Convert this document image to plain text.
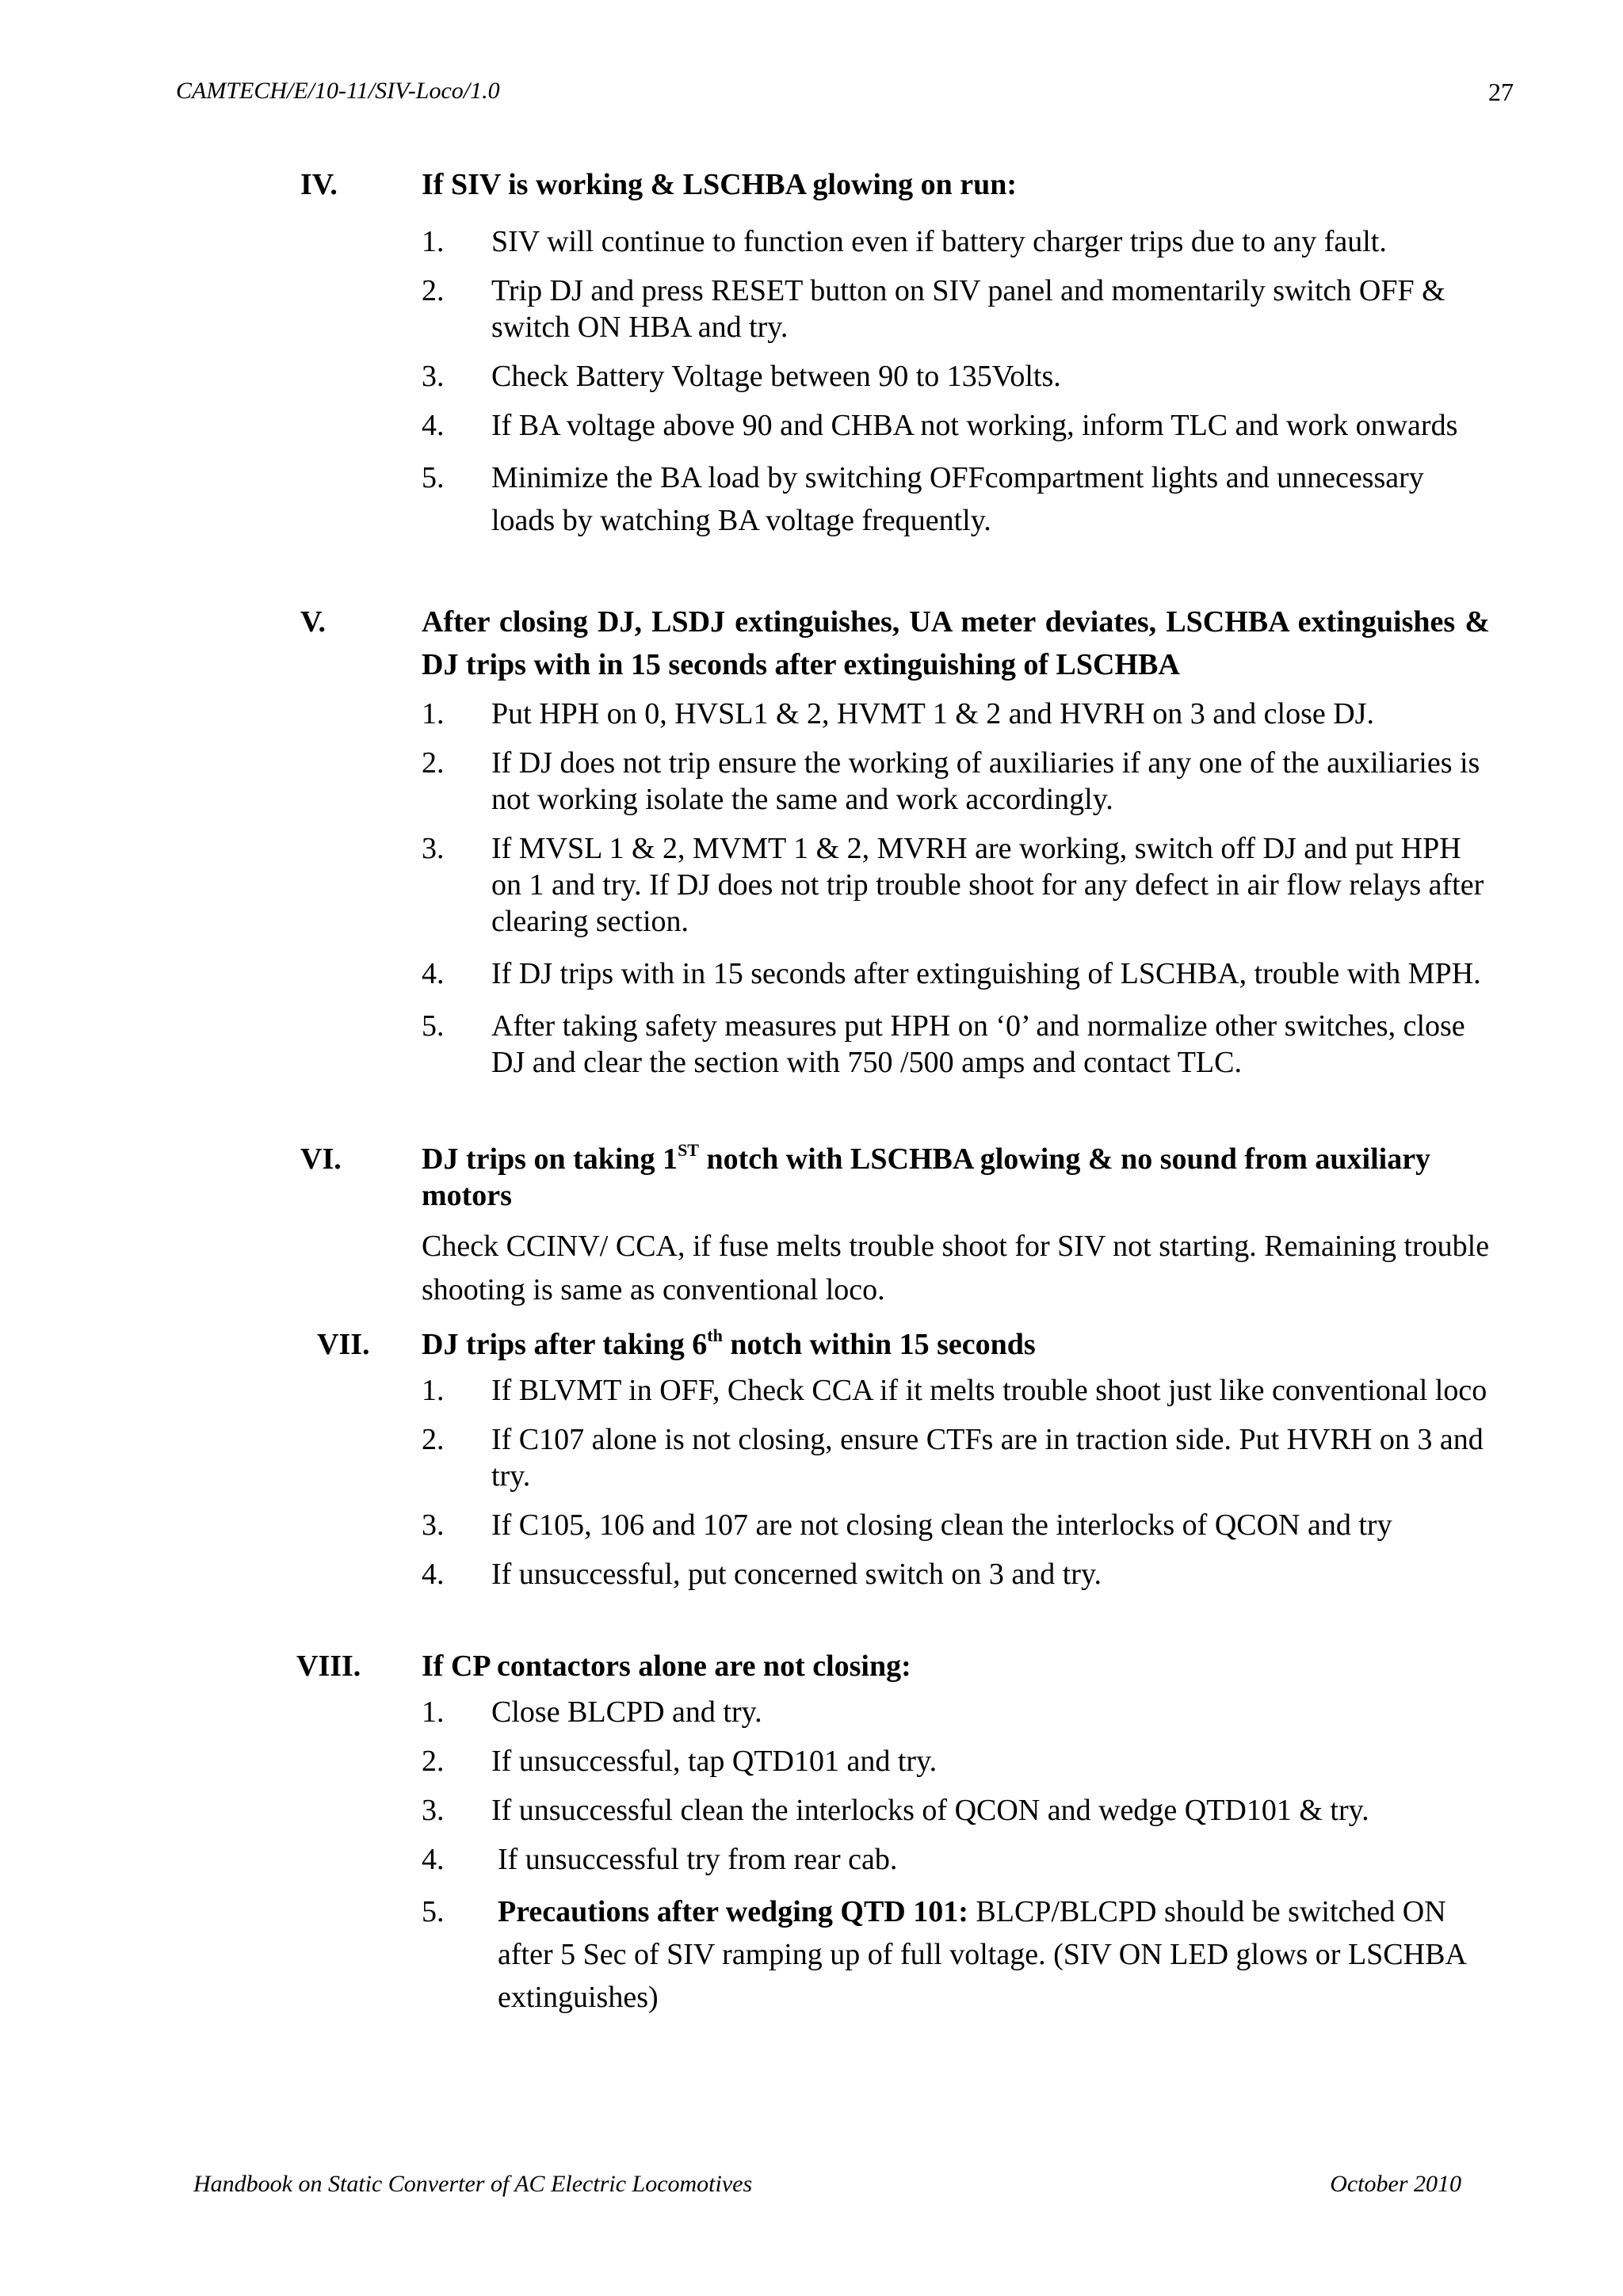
CAMTECH/E/10-11/SIV-Loco/1.0	27
IV.	If SIV is working & LSCHBA glowing on run:
1.	SIV will continue to function even if battery charger trips due to any fault.
2.	Trip DJ and press RESET button on SIV panel and momentarily switch OFF & switch ON HBA and try.
3.	Check Battery Voltage between 90 to 135Volts.
4.	If BA voltage above 90 and CHBA not working, inform TLC and work onwards
5.	Minimize the BA load by switching OFFcompartment lights and unnecessary loads by watching BA voltage frequently.
V.	After closing DJ, LSDJ extinguishes, UA meter deviates, LSCHBA extinguishes & DJ trips with in 15 seconds after extinguishing of LSCHBA
1.	Put HPH on 0, HVSL1 & 2, HVMT 1 & 2 and HVRH on 3 and close DJ.
2.	If DJ does not trip ensure the working of auxiliaries if any one of the auxiliaries is not working isolate the same and work accordingly.
3.	If MVSL 1 & 2, MVMT 1 & 2, MVRH are working, switch off DJ and put HPH on 1 and try. If DJ does not trip trouble shoot for any defect in air flow relays after clearing section.
4.	If DJ trips with in 15 seconds after extinguishing of LSCHBA, trouble with MPH.
5.	After taking safety measures put HPH on ‘0’ and normalize other switches, close DJ and clear the section with 750 /500 amps and contact TLC.
VI.	DJ trips on taking 1ST notch with LSCHBA glowing & no sound from auxiliary motors
Check CCINV/ CCA, if fuse melts trouble shoot for SIV not starting. Remaining trouble shooting is same as conventional loco.
VII.	DJ trips after taking 6th notch within 15 seconds
1.	If BLVMT in OFF, Check CCA if it melts trouble shoot just like conventional loco
2.	If C107 alone is not closing, ensure CTFs are in traction side. Put HVRH on 3 and try.
3.	If C105, 106 and 107 are not closing clean the interlocks of QCON and try
4.	If unsuccessful, put concerned switch on 3 and try.
VIII.	If CP contactors alone are not closing:
1.	Close BLCPD and try.
2.	If unsuccessful, tap QTD101 and try.
3.	If unsuccessful clean the interlocks of QCON and wedge QTD101 & try.
4.	If unsuccessful try from rear cab.
5.	Precautions after wedging QTD 101: BLCP/BLCPD should be switched ON after 5 Sec of SIV ramping up of full voltage. (SIV ON LED glows or LSCHBA extinguishes)
Handbook on Static Converter of AC Electric Locomotives	October 2010
